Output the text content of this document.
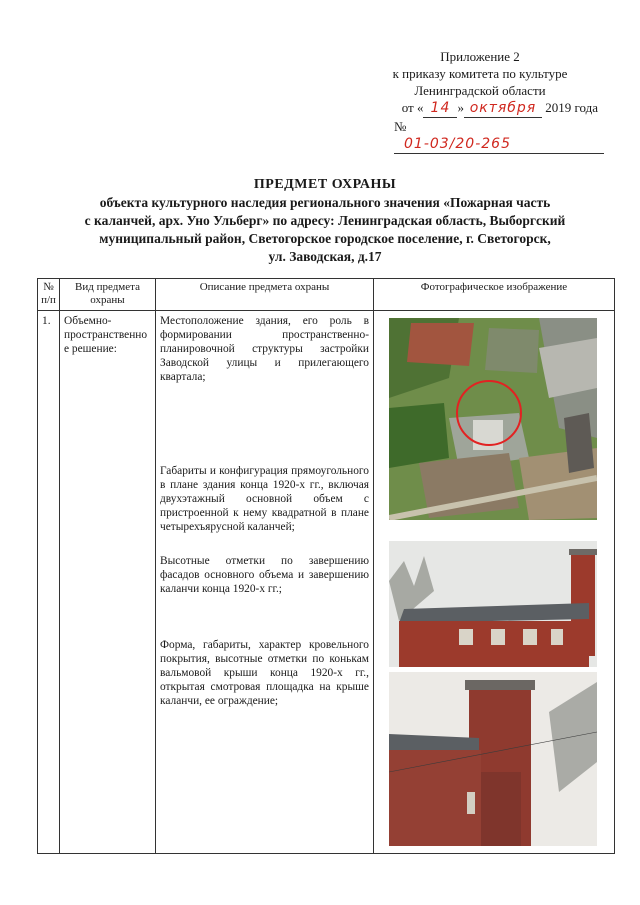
Приложение 2
к приказу комитета по культуре
Ленинградской области
от « 14 » октября 2019 года
№01-03/20-265
ПРЕДМЕТ ОХРАНЫ
объекта культурного наследия регионального значения «Пожарная часть
с каланчей, арх. Уно Ульберг» по адресу: Ленинградская область, Выборгский
муниципальный район, Светогорское городское поселение, г. Светогорск,
ул. Заводская, д.17
№ п/п	Вид предмета охраны	Описание предмета охраны	Фотографическое изображение
1.	Объемно-пространственное решение:	Местоположение здания, его роль в формировании пространственно-планировочной структуры застройки Заводской улицы и прилегающего квартала;

Габариты и конфигурация прямоугольного в плане здания конца 1920-х гг., включая двухэтажный основной объем с пристроенной к нему квадратной в плане четырехъярусной каланчей;

Высотные отметки по завершению фасадов основного объема и завершению каланчи конца 1920-х гг.;

Форма, габариты, характер кровельного покрытия, высотные отметки по конькам вальмовой крыши конца 1920-х гг., открытая смотровая площадка на крыше каланчи, ее ограждение;
